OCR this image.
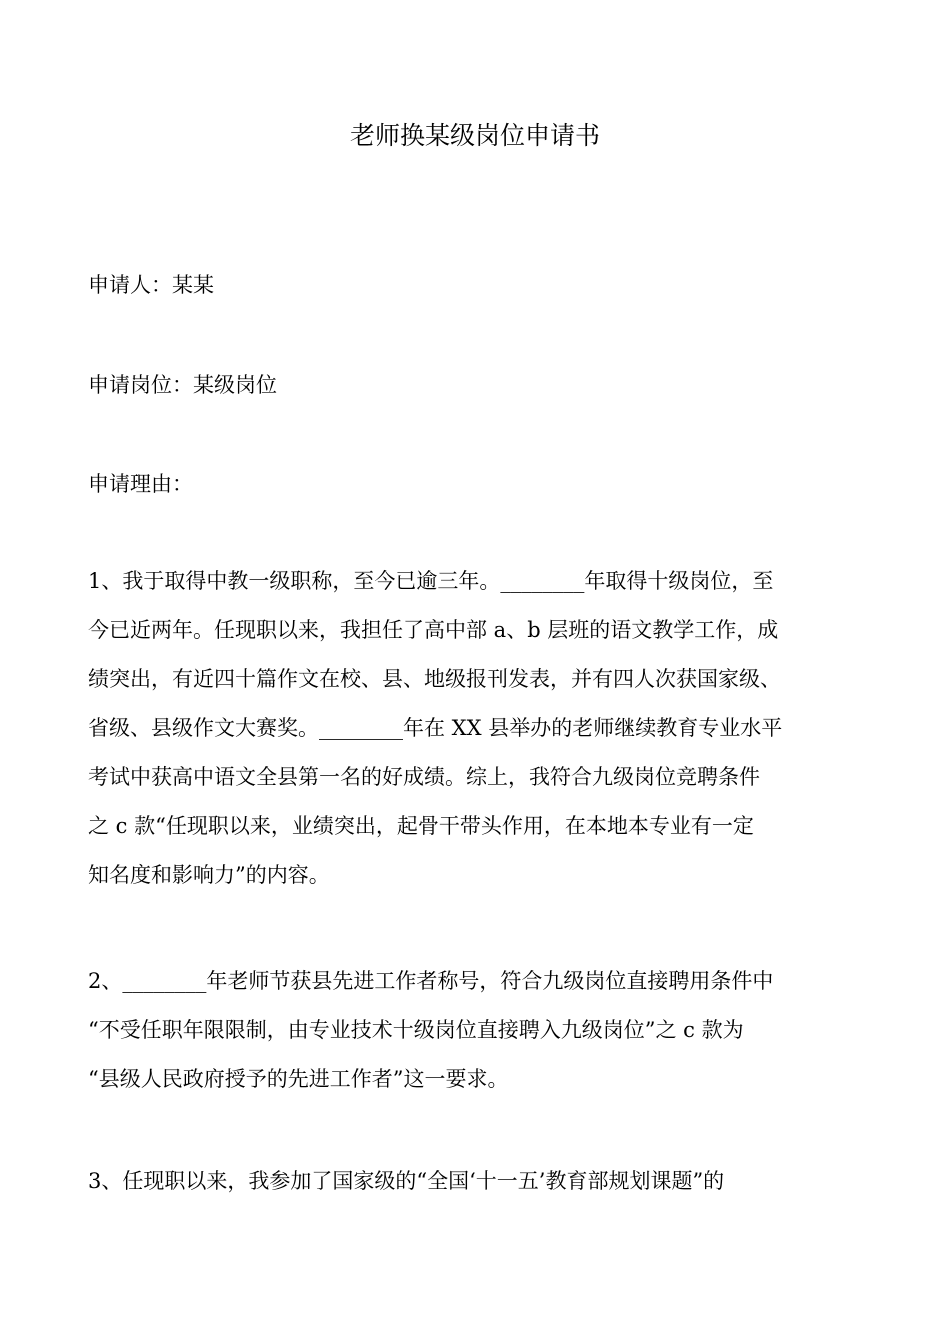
老师换某级岗位申请书
申请人：某某
申请岗位：某级岗位
申请理由：
1、我于取得中教一级职称，至今已逾三年。________年取得十级岗位，至
今已近两年。任现职以来，我担任了高中部 a、b 层班的语文教学工作，成
绩突出，有近四十篇作文在校、县、地级报刊发表，并有四人次获国家级、
省级、县级作文大赛奖。________年在 XX 县举办的老师继续教育专业水平
考试中获高中语文全县第一名的好成绩。综上，我符合九级岗位竞聘条件
之 c 款“任现职以来，业绩突出，起骨干带头作用，在本地本专业有一定
知名度和影响力”的内容。
2、________年老师节获县先进工作者称号，符合九级岗位直接聘用条件中
“不受任职年限限制，由专业技术十级岗位直接聘入九级岗位”之 c 款为
“县级人民政府授予的先进工作者”这一要求。
3、任现职以来，我参加了国家级的“全国‘十一五’教育部规划课题”的
